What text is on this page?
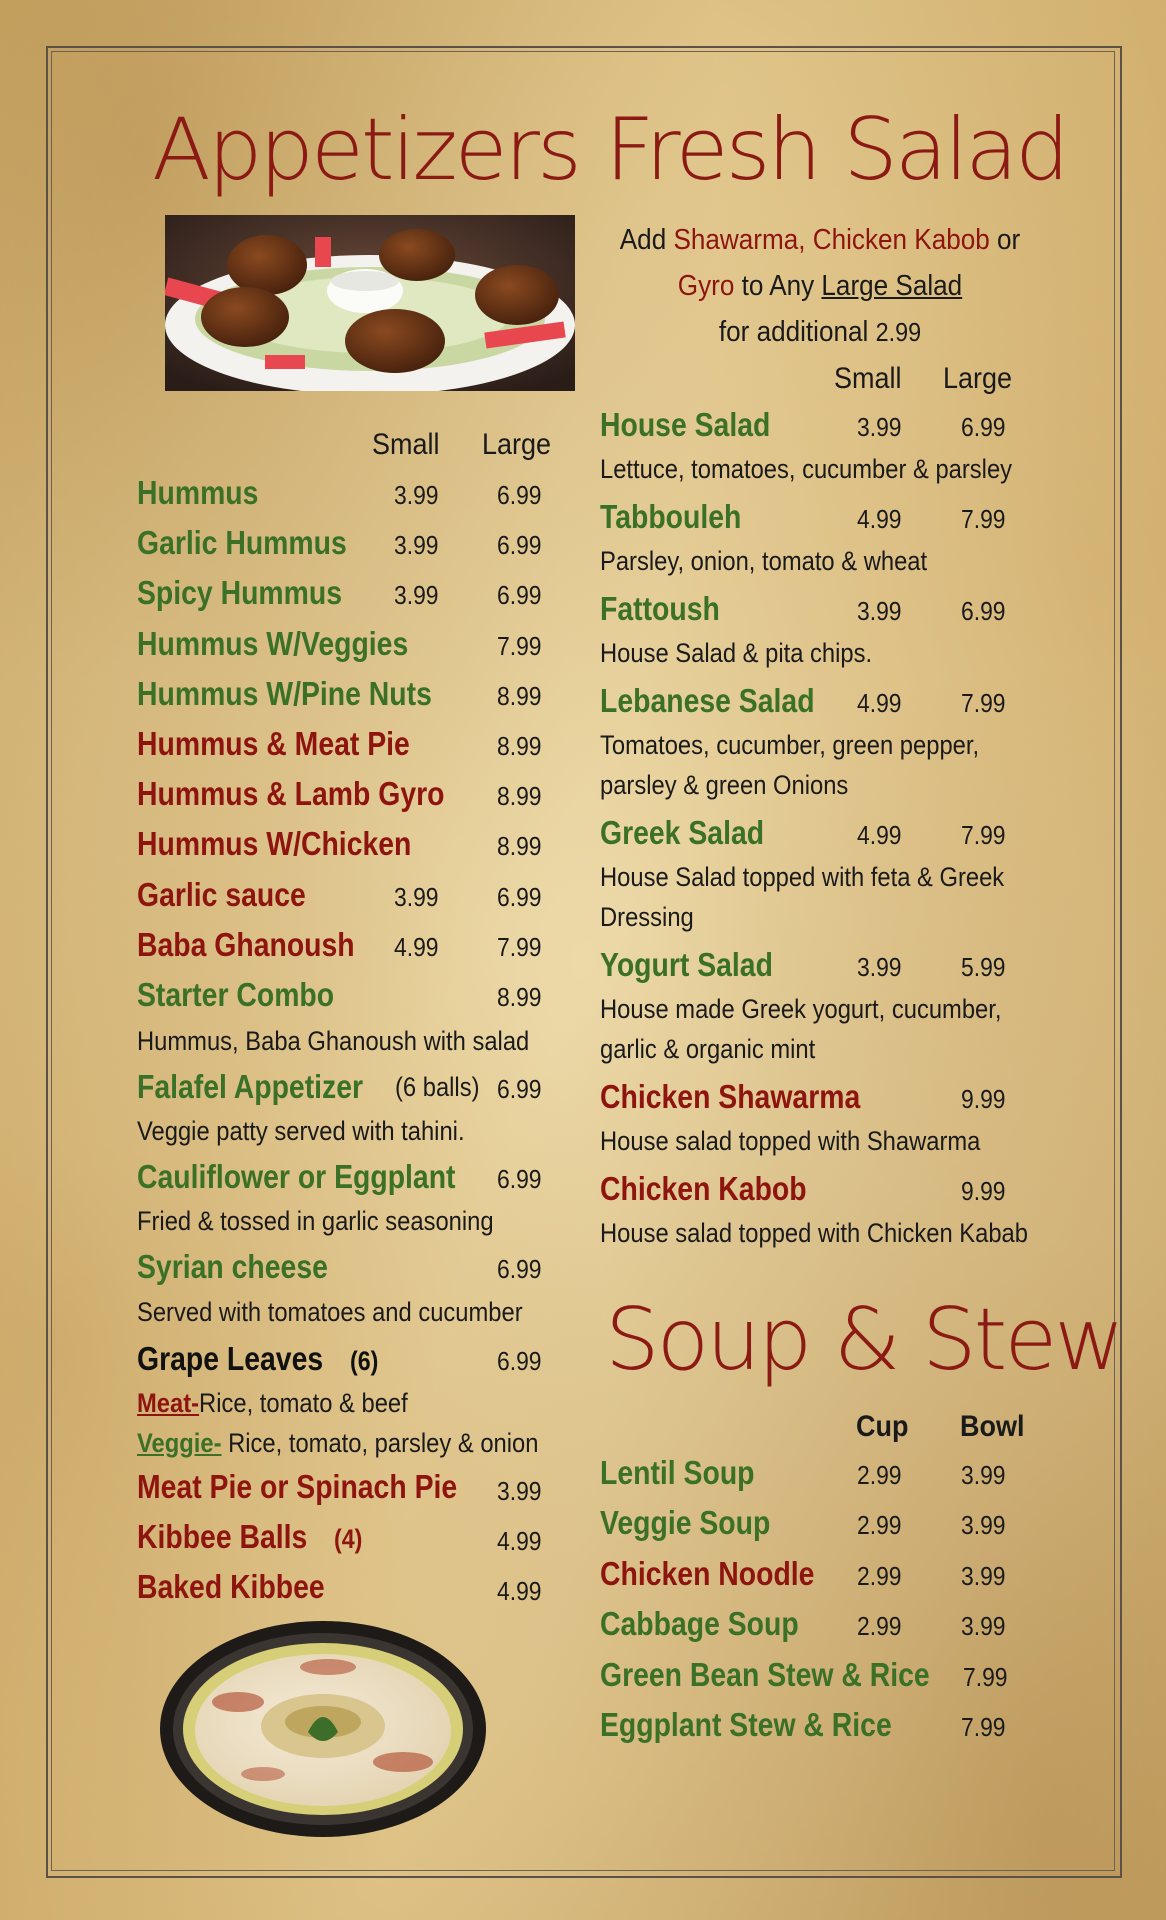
Appetizers
Small Large
Hummus	3.99 6.99
Garlic Hummus	3.99 6.99
Spicy Hummus	3.99 6.99
Hummus W/Veggies	7.99
Hummus W/Pine Nuts	8.99
Hummus & Meat Pie	8.99
Hummus & Lamb Gyro	8.99
Hummus W/Chicken	8.99
Garlic sauce	3.99 6.99
Baba Ghanoush	4.99 7.99
Starter Combo	8.99
Hummus, Baba Ghanoush with salad
Falafel Appetizer	(6 balls) 6.99
Veggie patty served with tahini.
Cauliflower or Eggplant	6.99
Fried & tossed in garlic seasoning
Syrian cheese	6.99
Served with tomatoes and cucumber
Grape Leaves (6)	6.99
Meat-Rice, tomato & beef
Veggie- Rice, tomato, parsley & onion
Meat Pie or Spinach Pie	3.99
Kibbee Balls (4)	4.99
Baked Kibbee	4.99
Fresh Salad
Add Shawarma, Chicken Kabob or
Gyro to Any Large Salad
for additional 2.99
Small Large
House Salad	3.99 6.99
Lettuce, tomatoes, cucumber & parsley
Tabbouleh	4.99 7.99
Parsley, onion, tomato & wheat
Fattoush	3.99 6.99
House Salad & pita chips.
Lebanese Salad	4.99 7.99
Tomatoes, cucumber, green pepper,
parsley & green Onions
Greek Salad	4.99 7.99
House Salad topped with feta & Greek
Dressing
Yogurt Salad	3.99 5.99
House made Greek yogurt, cucumber,
garlic & organic mint
Chicken Shawarma	9.99
House salad topped with Shawarma
Chicken Kabob	9.99
House salad topped with Chicken Kabab
Soup & Stew
Cup Bowl
Lentil Soup	2.99 3.99
Veggie Soup	2.99 3.99
Chicken Noodle	2.99 3.99
Cabbage Soup	2.99 3.99
Green Bean Stew & Rice	7.99
Eggplant Stew & Rice	7.99
